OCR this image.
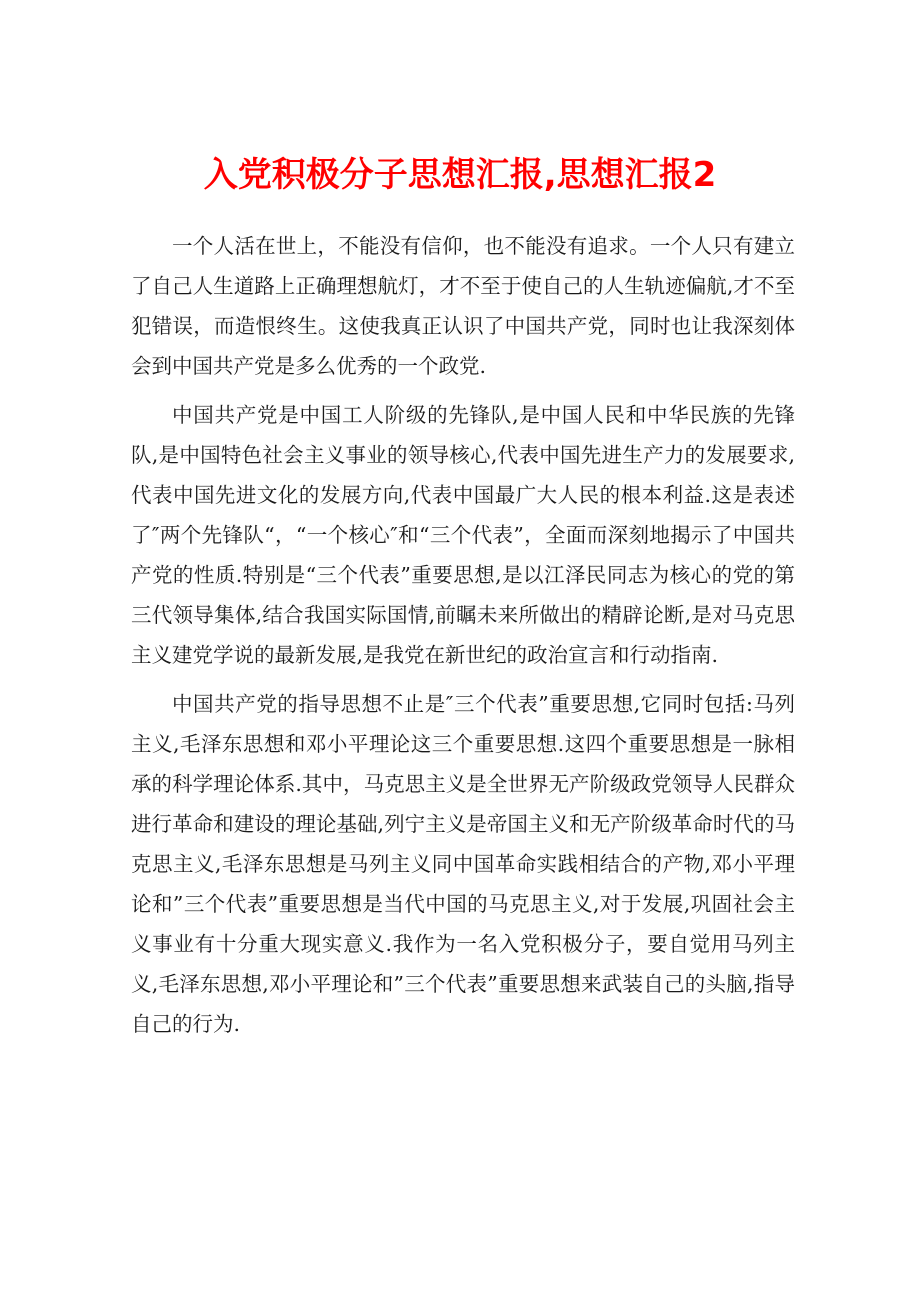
入党积极分子思想汇报,思想汇报2

一个人活在世上，不能没有信仰，也不能没有追求。一个人只有建立了自己人生道路上正确理想航灯，才不至于使自己的人生轨迹偏航,才不至犯错误，而造恨终生。这使我真正认识了中国共产党，同时也让我深刻体会到中国共产党是多么优秀的一个政党.

中国共产党是中国工人阶级的先锋队,是中国人民和中华民族的先锋队,是中国特色社会主义事业的领导核心,代表中国先进生产力的发展要求,代表中国先进文化的发展方向,代表中国最广大人民的根本利益.这是表述了″两个先锋队“，“一个核心″和“三个代表”，全面而深刻地揭示了中国共产党的性质.特别是“三个代表”重要思想,是以江泽民同志为核心的党的第三代领导集体,结合我国实际国情,前瞩未来所做出的精辟论断,是对马克思主义建党学说的最新发展,是我党在新世纪的政治宣言和行动指南.

中国共产党的指导思想不止是″三个代表”重要思想,它同时包括:马列主义,毛泽东思想和邓小平理论这三个重要思想.这四个重要思想是一脉相承的科学理论体系.其中，马克思主义是全世界无产阶级政党领导人民群众进行革命和建设的理论基础,列宁主义是帝国主义和无产阶级革命时代的马克思主义,毛泽东思想是马列主义同中国革命实践相结合的产物,邓小平理论和”三个代表”重要思想是当代中国的马克思主义,对于发展,巩固社会主义事业有十分重大现实意义.我作为一名入党积极分子，要自觉用马列主义,毛泽东思想,邓小平理论和”三个代表”重要思想来武装自己的头脑,指导自己的行为.
